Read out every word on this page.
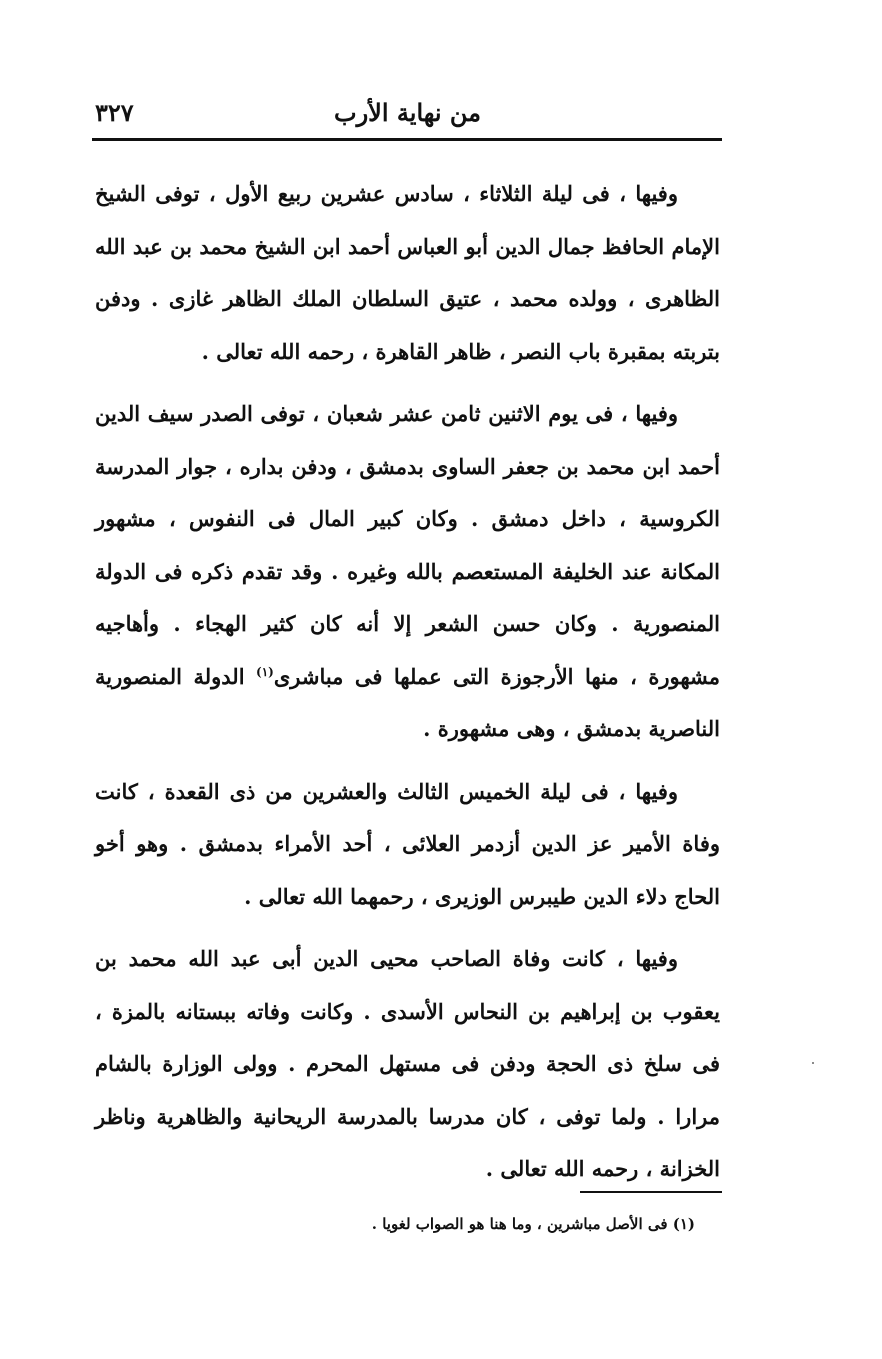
٣٢٧	من نهاية الأرب

وفيها ، فى ليلة الثلاثاء ، سادس عشرين ربيع الأول ، توفى الشيخ الإمام الحافظ جمال الدين أبو العباس أحمد ابن الشيخ محمد بن عبد الله الظاهرى ، وولده محمد ، عتيق السلطان الملك الظاهر غازى . ودفن بتربته بمقبرة باب النصر ، ظاهر القاهرة ، رحمه الله تعالى .

وفيها ، فى يوم الاثنين ثامن عشر شعبان ، توفى الصدر سيف الدين أحمد ابن محمد بن جعفر الساوى بدمشق ، ودفن بداره ، جوار المدرسة الكروسية ، داخل دمشق . وكان كبير المال فى النفوس ، مشهور المكانة عند الخليفة المستعصم بالله وغيره . وقد تقدم ذكره فى الدولة المنصورية . وكان حسن الشعر إلا أنه كان كثير الهجاء . وأهاجيه مشهورة ، منها الأرجوزة التى عملها فى مباشرى$^{(١)}$ الدولة المنصورية الناصرية بدمشق ، وهى مشهورة .

وفيها ، فى ليلة الخميس الثالث والعشرين من ذى القعدة ، كانت وفاة الأمير عز الدين أزدمر العلائى ، أحد الأمراء بدمشق . وهو أخو الحاج دلاء الدين طيبرس الوزيرى ، رحمهما الله تعالى .

وفيها ، كانت وفاة الصاحب محيى الدين أبى عبد الله محمد بن يعقوب بن إبراهيم بن النحاس الأسدى . وكانت وفاته ببستانه بالمزة ، فى سلخ ذى الحجة ودفن فى مستهل المحرم . وولى الوزارة بالشام مرارا . ولما توفى ، كان مدرسا بالمدرسة الريحانية والظاهرية وناظر الخزانة ، رحمه الله تعالى .

(١) فى الأصل مباشرين ، وما هنا هو الصواب لغويا .
